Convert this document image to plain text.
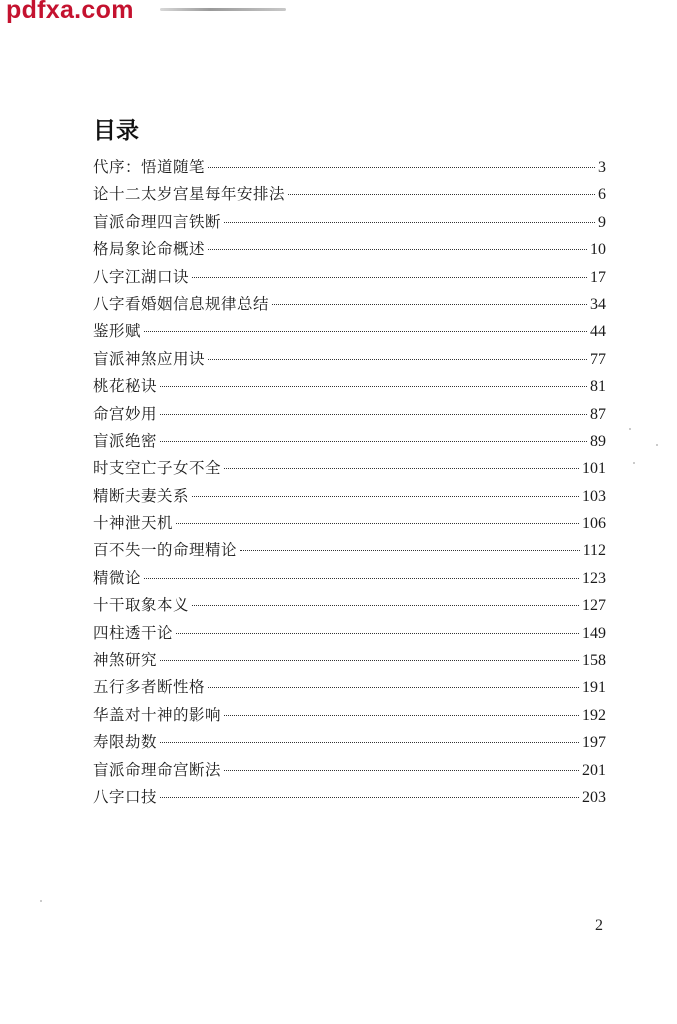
pdfxa.com
目录
代序：悟道随笔	3
论十二太岁宫星每年安排法	6
盲派命理四言铁断	9
格局象论命概述	10
八字江湖口诀	17
八字看婚姻信息规律总结	34
鉴形赋	44
盲派神煞应用诀	77
桃花秘诀	81
命宫妙用	87
盲派绝密	89
时支空亡子女不全	101
精断夫妻关系	103
十神泄天机	106
百不失一的命理精论	112
精微论	123
十干取象本义	127
四柱透干论	149
神煞研究	158
五行多者断性格	191
华盖对十神的影响	192
寿限劫数	197
盲派命理命宫断法	201
八字口技	203
2
